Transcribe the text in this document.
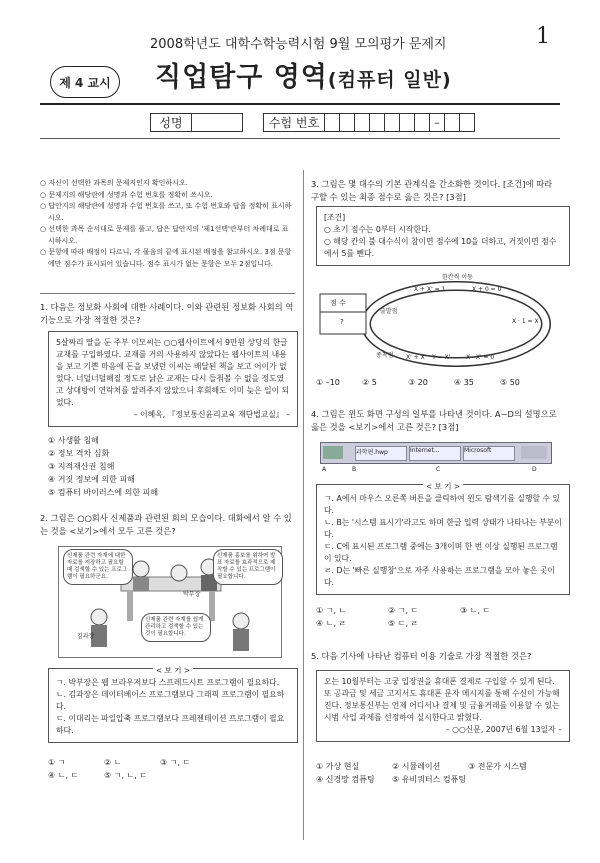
2008학년도 대학수학능력시험 9월 모의평가 문제지	1
제 4 교시	직업탐구 영역(컴퓨터 일반)
성명	수험 번호	–
○ 자신이 선택한 과목의 문제지인지 확인하시오.
○ 문제지의 해당란에 성명과 수험 번호를 정확히 쓰시오.
○ 답안지의 해당란에 성명과 수험 번호를 쓰고, 또 수험 번호와 답을 정확히 표시하시오.
○ 선택한 과목 순서대로 문제를 풀고, 답은 답안지의 '제1선택'란부터 차례대로 표시하시오.
○ 문항에 따라 배점이 다르니, 각 물음의 끝에 표시된 배점을 참고하시오. 3점 문항에만 점수가 표시되어 있습니다. 점수 표시가 없는 문항은 모두 2점입니다.
1. 다음은 정보화 사회에 대한 사례이다. 이와 관련된 정보화 사회의 역기능으로 가장 적절한 것은?
5살짜리 딸을 둔 주부 이모씨는 ○○웹사이트에서 9만원 상당의 한글 교재를 구입하였다. 교재를 거의 사용하지 않았다는 웹사이트의 내용을 보고 기쁜 마음에 돈을 보냈던 이씨는 배달된 책을 보고 어이가 없었다. 너덜너덜해질 정도로 낡은 교재는 다시 들춰볼 수 없을 정도였고 상대방이 연락처를 알려주지 않았으니 후회해도 이미 늦은 일이 되었다.
– 이혜옥, 『정보통신윤리교육 재단법교실』 –
① 사생활 침해
② 정보 격차 심화
③ 지적재산권 침해
④ 거짓 정보에 의한 피해
⑤ 컴퓨터 바이러스에 의한 피해
2. 그림은 ○○회사 신제품과 관련된 회의 모습이다. 대화에서 알 수 있는 것을 <보기>에서 모두 고른 것은?
신제품 관련 자재에 대한 자료를 저장하고 필요할 때 검색할 수 있는 프로그램이 필요하군요.
신제품 홍보를 위하여 발표 자료를 효과적으로 제작할 수 있는 프로그램이 필요합니다.
신제품 관련 자재를 쉽게 관리하고 검색할 수 있는 것이 필요합니다.
김과장
박부장
< 보 기 >
ㄱ. 박부장은 웹 브라우저보다 스프레드시트 프로그램이 필요하다.
ㄴ. 김과장은 데이터베이스 프로그램보다 그래픽 프로그램이 필요하다.
ㄷ. 이대리는 파일압축 프로그램보다 프레젠테이션 프로그램이 필요하다.
① ㄱ	② ㄴ	③ ㄱ, ㄷ
④ ㄴ, ㄷ	⑤ ㄱ, ㄴ, ㄷ
3. 그림은 몇 대수의 기본 관계식을 간소화한 것이다. [조건]에 따라 구할 수 있는 최종 점수로 옳은 것은? [3점]
[조건]
○ 초기 점수는 0부터 시작한다.
○ 해당 칸의 불 대수식이 참이면 점수에 10을 더하고, 거짓이면 점수에서 5를 뺀다.
점 수
?
한칸씩 이동
출발점
종착점
X + X' = 1	X + 0 = 0
X · 1 = X
X · X' = 0
X' + X' · Y = X'
① –10	② 5	③ 20	④ 35	⑤ 50
4. 그림은 윈도 화면 구성의 일부를 나타낸 것이다. A~D의 설명으로 옳은 것을 <보기>에서 고른 것은? [3점]
과학편.hwp	Internet...	Microsoft
A	B	C	D
< 보 기 >
ㄱ. A에서 마우스 오른쪽 버튼을 클릭하여 윈도 탐색기를 실행할 수 있다.
ㄴ. B는 '시스템 표시기'라고도 하며 한글 입력 상태가 나타나는 부분이다.
ㄷ. C에 표시된 프로그램 중에는 3개이며 한 번 이상 실행된 프로그램이 있다.
ㄹ. D는 '빠른 실행창'으로 자주 사용하는 프로그램을 모아 놓은 곳이다.
① ㄱ, ㄴ	② ㄱ, ㄷ	③ ㄴ, ㄷ
④ ㄴ, ㄹ	⑤ ㄷ, ㄹ
5. 다음 기사에 나타난 컴퓨터 이용 기술로 가장 적절한 것은?
오는 10월부터는 고궁 입장권을 휴대폰 결제로 구입할 수 있게 된다. 또 공과금 및 세금 고지서도 휴대폰 문자 메시지를 통해 수신이 가능해진다. 정보통신부는 언제 어디서나 결제 및 금융거래를 이용할 수 있는 시범 사업 과제를 선정하여 실시한다고 밝혔다.
– ○○신문, 2007년 6월 13일자 –
① 가상 현실	② 시뮬레이션	③ 전문가 시스템
④ 신경망 컴퓨팅	⑤ 유비쿼터스 컴퓨팅
